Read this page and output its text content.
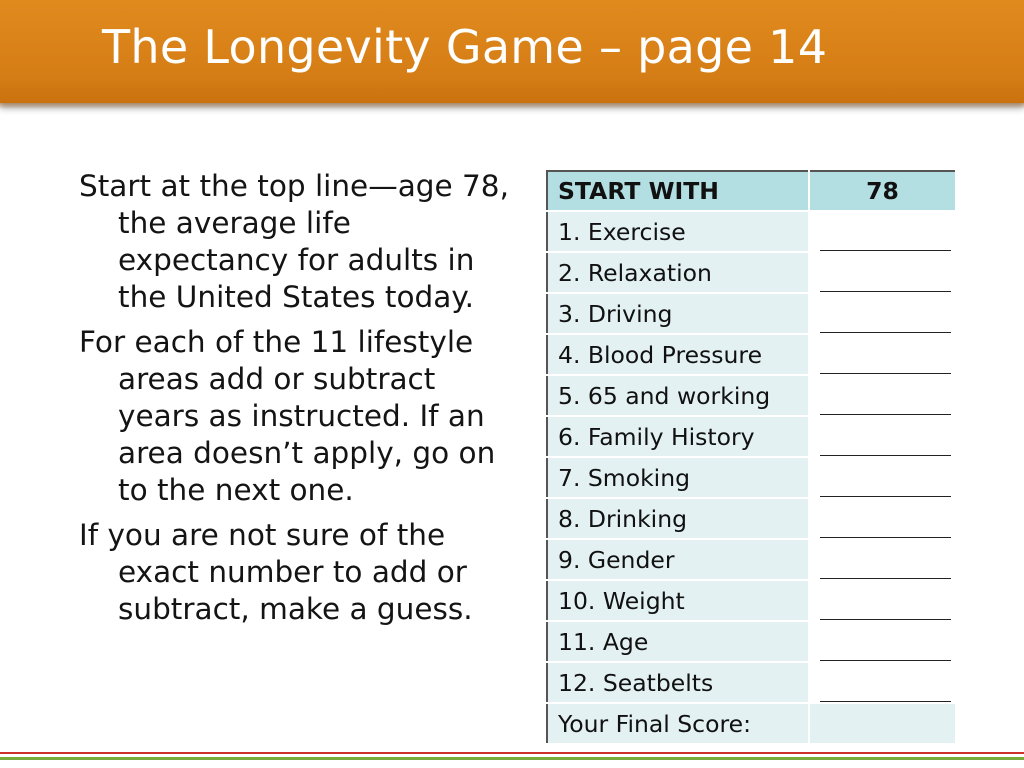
The Longevity Game – page 14

Start at the top line—age 78, the average life expectancy for adults in the United States today.

For each of the 11 lifestyle areas add or subtract years as instructed. If an area doesn’t apply, go on to the next one.

If you are not sure of the exact number to add or subtract, make a guess.

START WITH	78
1. Exercise	

2. Relaxation	

3. Driving	

4. Blood Pressure	

5. 65 and working	

6. Family History	

7. Smoking	

8. Drinking	

9. Gender	

10. Weight	

11. Age	

12. Seatbelts	

Your Final Score:	
